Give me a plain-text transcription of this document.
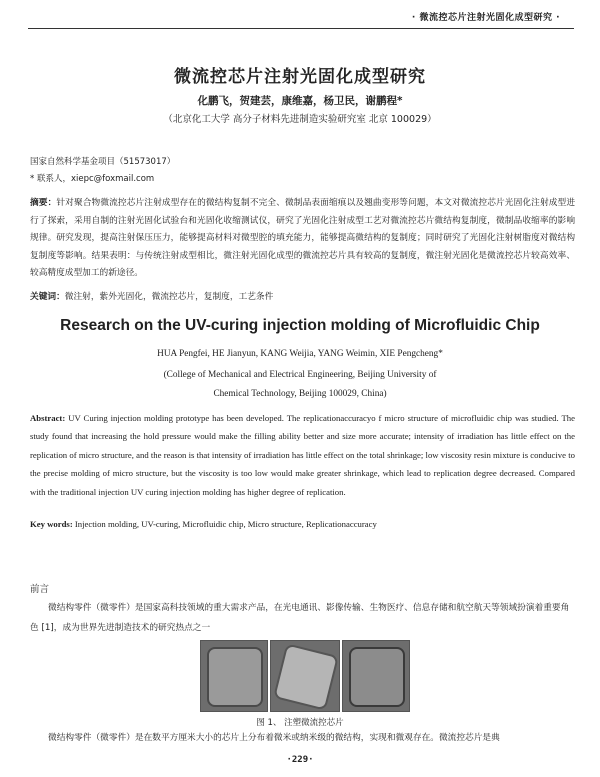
· 微流控芯片注射光固化成型研究 ·
微流控芯片注射光固化成型研究
化鹏飞，贺建芸，康维嘉，杨卫民，谢鹏程*
（北京化工大学 高分子材料先进制造实验研究室 北京 100029）
国家自然科学基金项目（51573017）
* 联系人，xiepc@foxmail.com
摘要：针对聚合物微流控芯片注射成型存在的微结构复制不完全、微制品表面缩痕以及翘曲变形等问题，本文对微流控芯片光固化注射成型进行了探索，采用自制的注射光固化试验台和光固化收缩测试仪，研究了光固化注射成型工艺对微流控芯片微结构复制度，微制品收缩率的影响规律。研究发现，提高注射保压压力，能够提高材料对微型腔的填充能力，能够提高微结构的复制度；同时研究了光固化注射树脂度对微结构复制度等影响。结果表明：与传统注射成型相比，微注射光固化成型的微流控芯片具有较高的复制度，微注射光固化是微流控芯片较高效率、较高精度成型加工的新途径。
关键词：微注射，紫外光固化，微流控芯片，复制度，工艺条件
Research on the UV-curing injection molding of Microfluidic Chip
HUA Pengfei, HE Jianyun, KANG Weijia, YANG Weimin, XIE Pengcheng*
(College of Mechanical and Electrical Engineering, Beijing University of
Chemical Technology, Beijing 100029, China)
Abstract: UV Curing injection molding prototype has been developed. The replicationaccuracyo f micro structure of microfluidic chip was studied. The study found that increasing the hold pressure would make the filling ability better and size more accurate; intensity of irradiation has little effect on the replication of micro structure, and the reason is that intensity of irradiation has little effect on the total shrinkage; low viscosity resin mixture is conducive to the precise molding of micro structure, but the viscosity is too low would make greater shrinkage, which lead to replication degree decreased. Compared with the traditional injection UV curing injection molding has higher degree of replication.
Key words: Injection molding, UV-curing, Microfluidic chip, Micro structure, Replicationaccuracy
前言
微结构零件（微零件）是国家高科技领域的重大需求产品，在光电通讯、影像传输、生物医疗、信息存储和航空航天等领域扮演着重要角色 [1]，成为世界先进制造技术的研究热点之一
图 1、 注塑微流控芯片
微结构零件（微零件）是在数平方厘米大小的芯片上分布着微米或纳米级的微结构，实现和微观存在。微流控芯片是典
·229·
